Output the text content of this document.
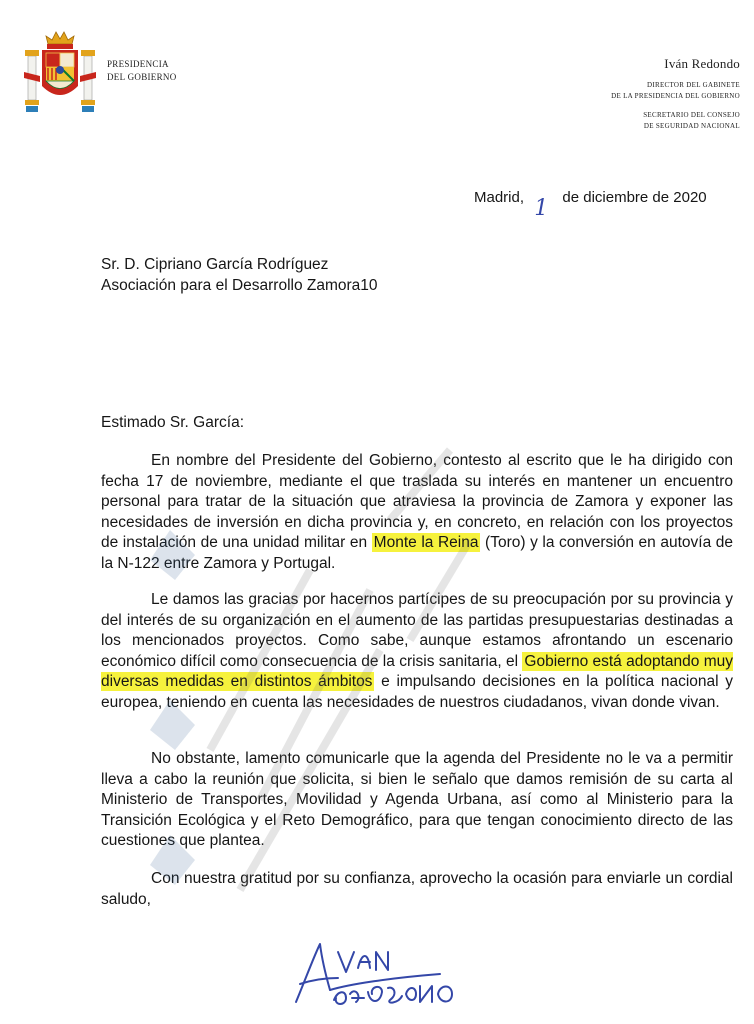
PRESIDENCIA
DEL GOBIERNO
Iván Redondo
DIRECTOR DEL GABINETE
DE LA PRESIDENCIA DEL GOBIERNO
SECRETARIO DEL CONSEJO
DE SEGURIDAD NACIONAL
Madrid, 1 de diciembre de 2020
Sr. D. Cipriano García Rodríguez
Asociación para el Desarrollo Zamora10
Estimado Sr. García:
En nombre del Presidente del Gobierno, contesto al escrito que le ha dirigido con fecha 17 de noviembre, mediante el que traslada su interés en mantener un encuentro personal para tratar de la situación que atraviesa la provincia de Zamora y exponer las necesidades de inversión en dicha provincia y, en concreto, en relación con los proyectos de instalación de una unidad militar en Monte la Reina (Toro) y la conversión en autovía de la N-122 entre Zamora y Portugal.
Le damos las gracias por hacernos partícipes de su preocupación por su provincia y del interés de su organización en el aumento de las partidas presupuestarias destinadas a los mencionados proyectos. Como sabe, aunque estamos afrontando un escenario económico difícil como consecuencia de la crisis sanitaria, el Gobierno está adoptando muy diversas medidas en distintos ámbitos e impulsando decisiones en la política nacional y europea, teniendo en cuenta las necesidades de nuestros ciudadanos, vivan donde vivan.
No obstante, lamento comunicarle que la agenda del Presidente no le va a permitir lleva a cabo la reunión que solicita, si bien le señalo que damos remisión de su carta al Ministerio de Transportes, Movilidad y Agenda Urbana, así como al Ministerio para la Transición Ecológica y el Reto Demográfico, para que tengan conocimiento directo de las cuestiones que plantea.
Con nuestra gratitud por su confianza, aprovecho la ocasión para enviarle un cordial saludo,
